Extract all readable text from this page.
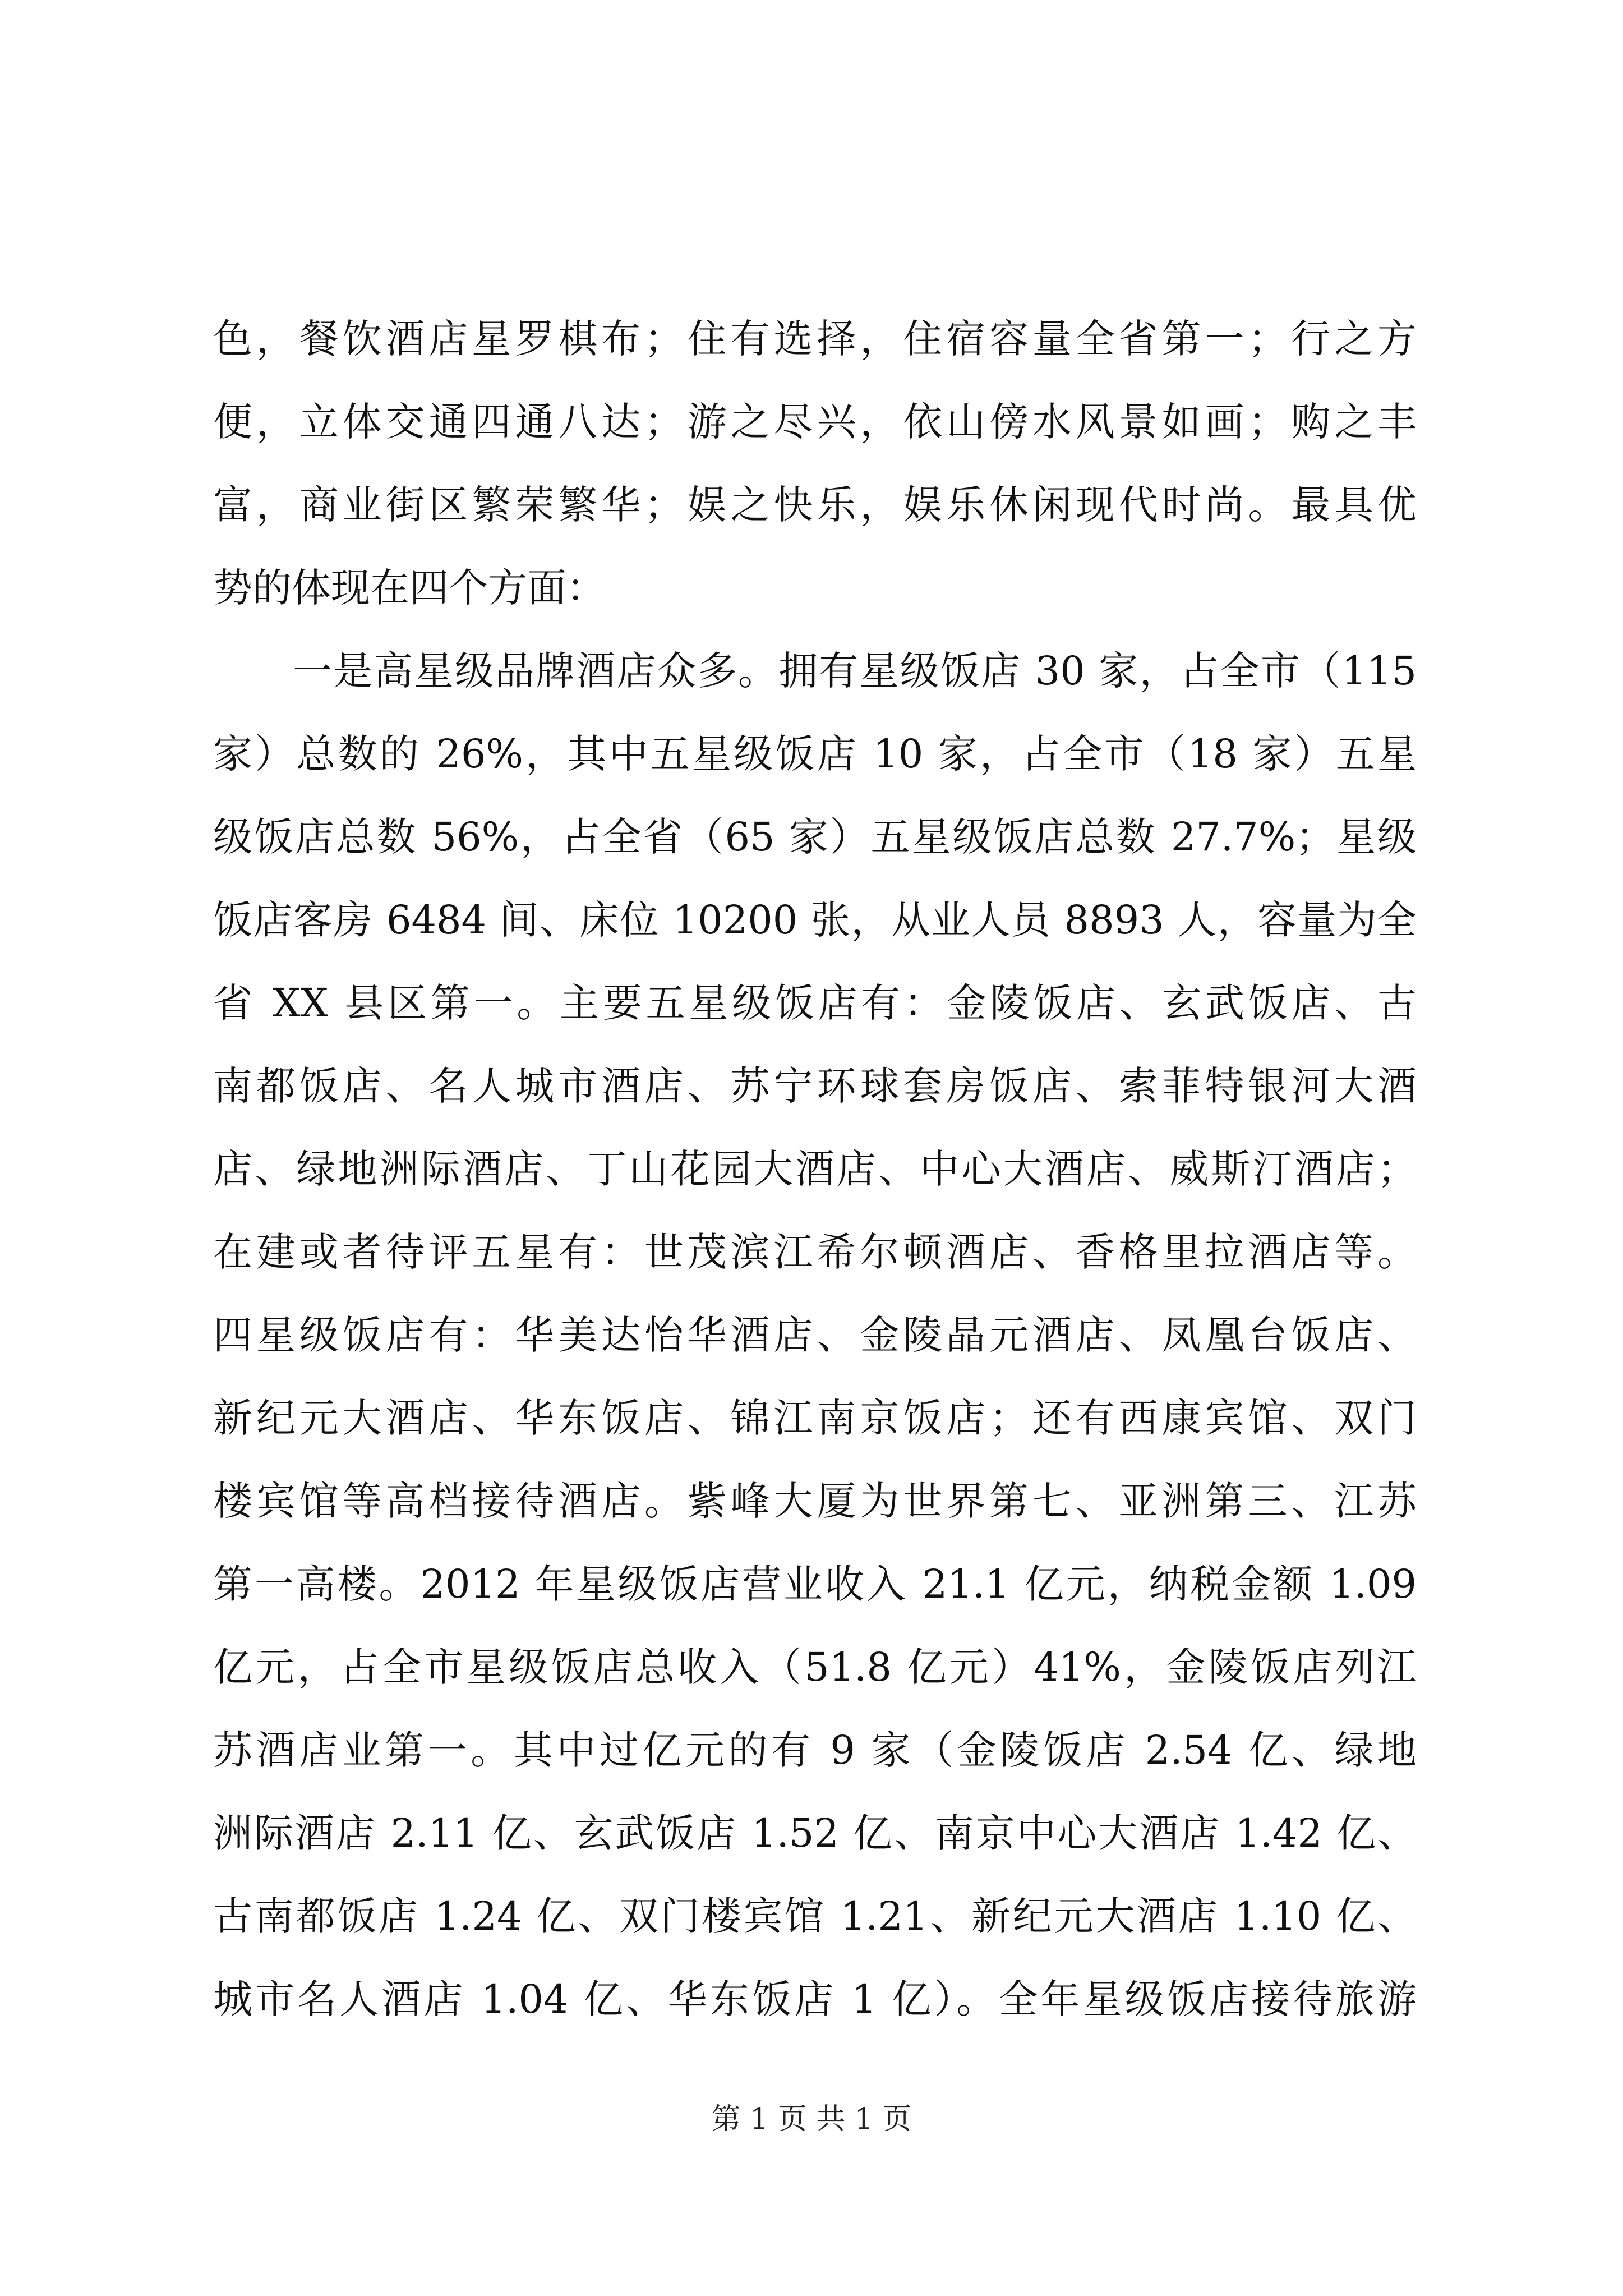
色，餐饮酒店星罗棋布；住有选择，住宿容量全省第一；行之方
便，立体交通四通八达；游之尽兴，依山傍水风景如画；购之丰
富，商业街区繁荣繁华；娱之快乐，娱乐休闲现代时尚。最具优
势的体现在四个方面：
一是高星级品牌酒店众多。拥有星级饭店 30 家，占全市（115
家）总数的 26%，其中五星级饭店 10 家，占全市（18 家）五星
级饭店总数 56%，占全省（65 家）五星级饭店总数 27.7%；星级
饭店客房 6484 间、床位 10200 张，从业人员 8893 人，容量为全
省 XX 县区第一。主要五星级饭店有：金陵饭店、玄武饭店、古
南都饭店、名人城市酒店、苏宁环球套房饭店、索菲特银河大酒
店、绿地洲际酒店、丁山花园大酒店、中心大酒店、威斯汀酒店；
在建或者待评五星有：世茂滨江希尔顿酒店、香格里拉酒店等。
四星级饭店有：华美达怡华酒店、金陵晶元酒店、凤凰台饭店、
新纪元大酒店、华东饭店、锦江南京饭店；还有西康宾馆、双门
楼宾馆等高档接待酒店。紫峰大厦为世界第七、亚洲第三、江苏
第一高楼。2012 年星级饭店营业收入 21.1 亿元，纳税金额 1.09
亿元，占全市星级饭店总收入（51.8 亿元）41%，金陵饭店列江
苏酒店业第一。其中过亿元的有 9 家（金陵饭店 2.54 亿、绿地
洲际酒店 2.11 亿、玄武饭店 1.52 亿、南京中心大酒店 1.42 亿、
古南都饭店 1.24 亿、双门楼宾馆 1.21、新纪元大酒店 1.10 亿、
城市名人酒店 1.04 亿、华东饭店 1 亿）。全年星级饭店接待旅游
第 1 页 共 1 页
